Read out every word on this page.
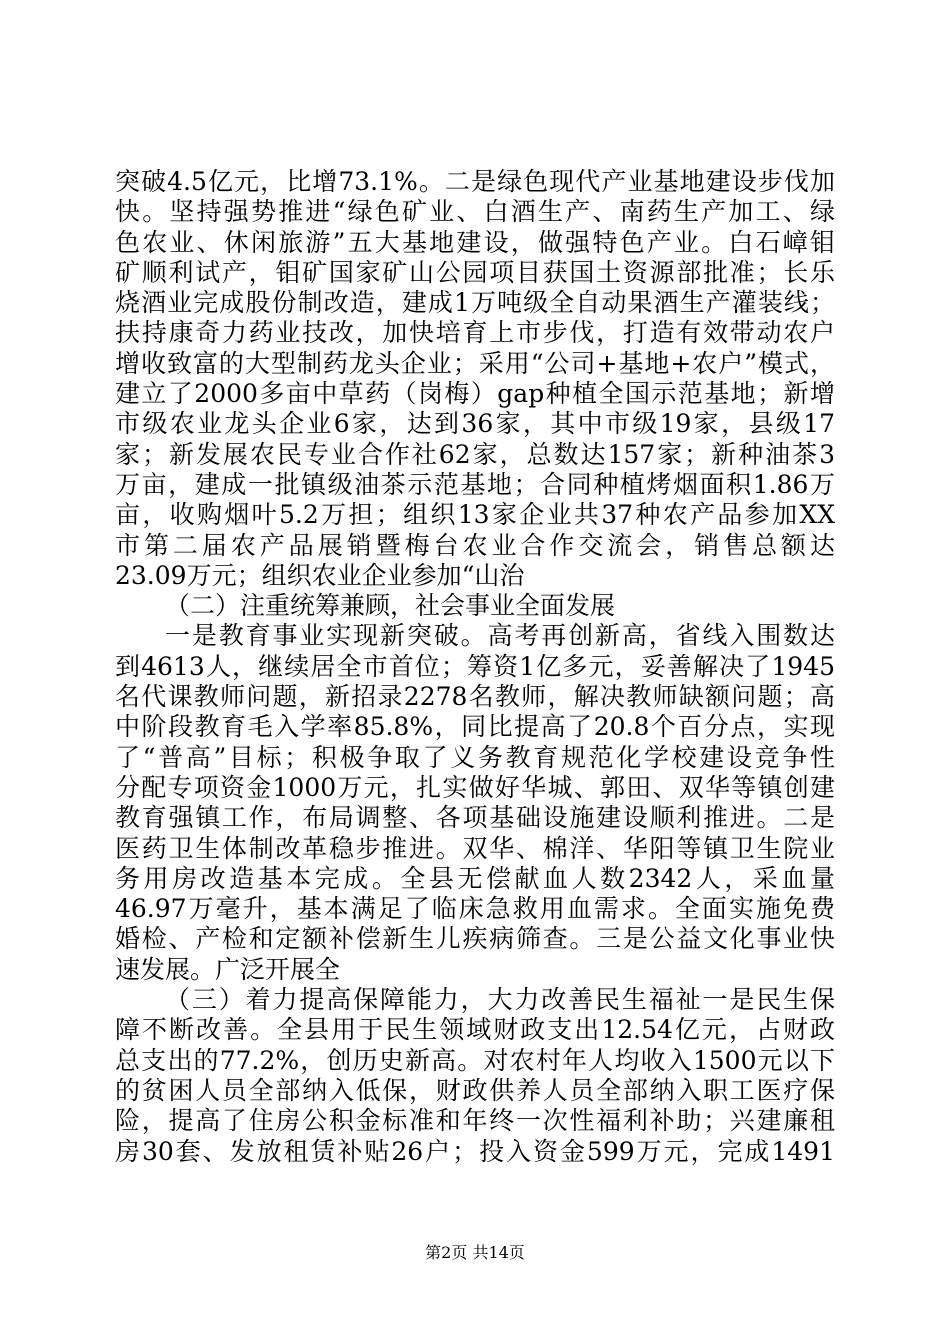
突破4.5亿元，比增73.1%。二是绿色现代产业基地建设步伐加
快。坚持强势推进“绿色矿业、白酒生产、南药生产加工、绿
色农业、休闲旅游”五大基地建设，做强特色产业。白石嶂钼
矿顺利试产，钼矿国家矿山公园项目获国土资源部批准；长乐
烧酒业完成股份制改造，建成1万吨级全自动果酒生产灌装线；
扶持康奇力药业技改，加快培育上市步伐，打造有效带动农户
增收致富的大型制药龙头企业；采用“公司+基地+农户”模式，
建立了2000多亩中草药（岗梅）gap种植全国示范基地；新增
市级农业龙头企业6家，达到36家，其中市级19家，县级17
家；新发展农民专业合作社62家，总数达157家；新种油茶3
万亩，建成一批镇级油茶示范基地；合同种植烤烟面积1.86万
亩，收购烟叶5.2万担；组织13家企业共37种农产品参加XX
市第二届农产品展销暨梅台农业合作交流会，销售总额达
23.09万元；组织农业企业参加“山治
（二）注重统筹兼顾，社会事业全面发展
一是教育事业实现新突破。高考再创新高，省线入围数达
到4613人，继续居全市首位；筹资1亿多元，妥善解决了1945
名代课教师问题，新招录2278名教师，解决教师缺额问题；高
中阶段教育毛入学率85.8%，同比提高了20.8个百分点，实现
了“普高”目标；积极争取了义务教育规范化学校建设竞争性
分配专项资金1000万元，扎实做好华城、郭田、双华等镇创建
教育强镇工作，布局调整、各项基础设施建设顺利推进。二是
医药卫生体制改革稳步推进。双华、棉洋、华阳等镇卫生院业
务用房改造基本完成。全县无偿献血人数2342人，采血量
46.97万毫升，基本满足了临床急救用血需求。全面实施免费
婚检、产检和定额补偿新生儿疾病筛查。三是公益文化事业快
速发展。广泛开展全
（三）着力提高保障能力，大力改善民生福祉一是民生保
障不断改善。全县用于民生领域财政支出12.54亿元，占财政
总支出的77.2%，创历史新高。对农村年人均收入1500元以下
的贫困人员全部纳入低保，财政供养人员全部纳入职工医疗保
险，提高了住房公积金标准和年终一次性福利补助；兴建廉租
房30套、发放租赁补贴26户；投入资金599万元，完成1491
第2页 共14页
